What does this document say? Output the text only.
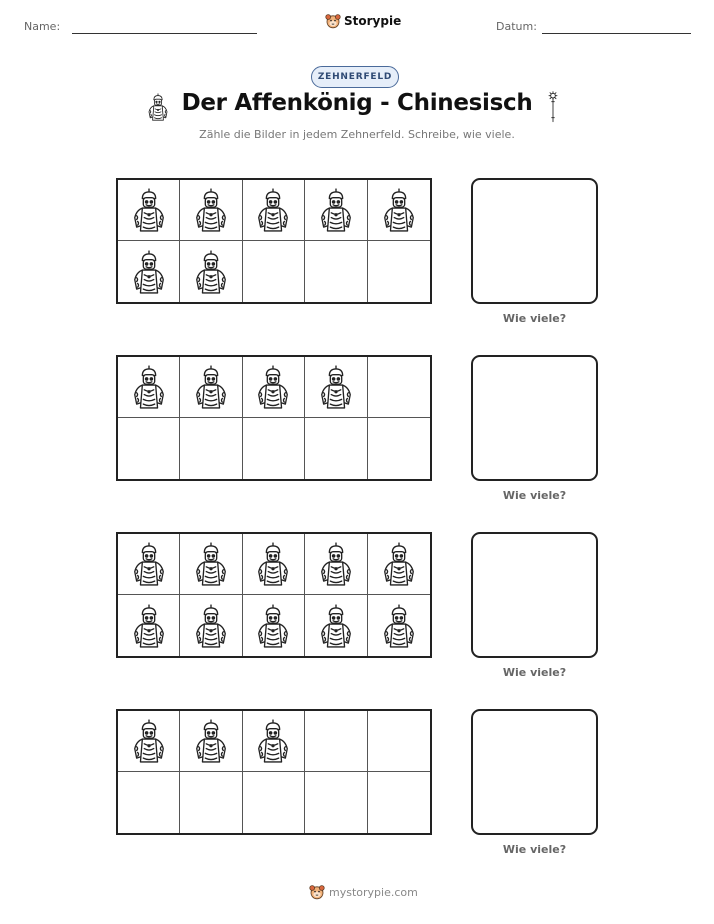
Name:	Storypie	Datum:
ZEHNERFELD
Der Affenkönig - Chinesisch
Zähle die Bilder in jedem Zehnerfeld. Schreibe, wie viele.
Wie viele?
Wie viele?
Wie viele?
Wie viele?
mystorypie.com
